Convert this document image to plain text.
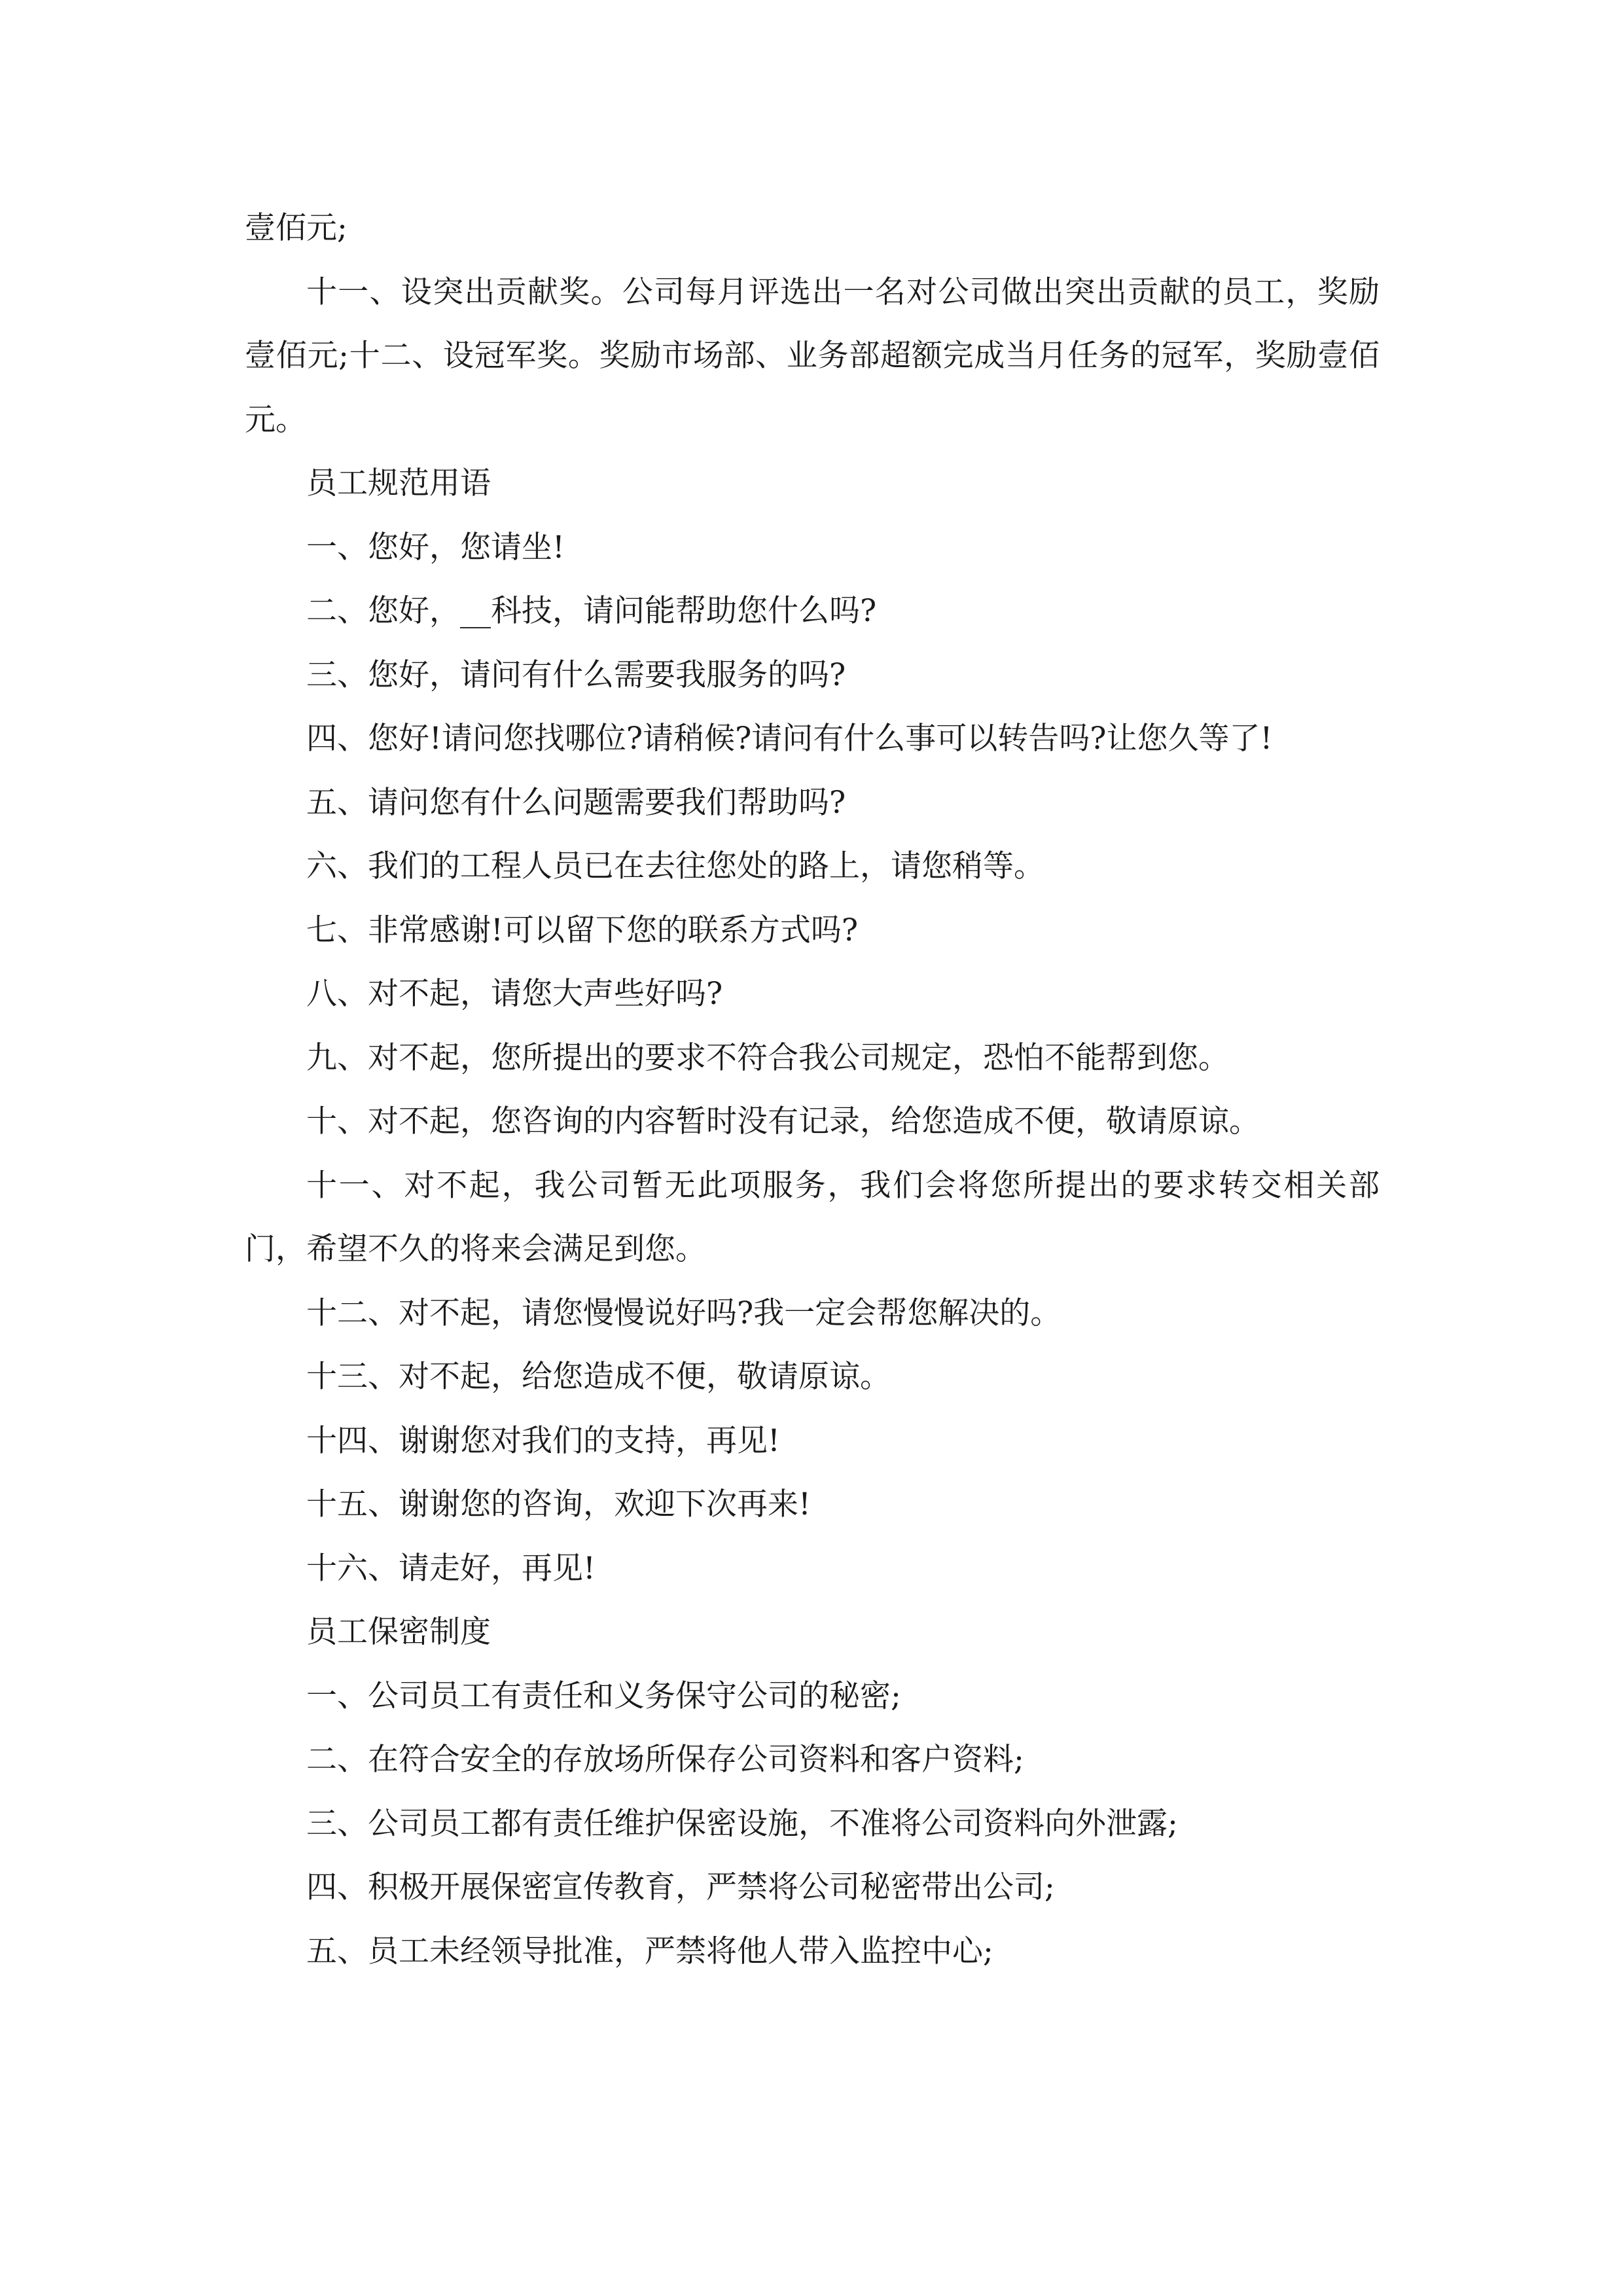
壹佰元;

十一、设突出贡献奖。公司每月评选出一名对公司做出突出贡献的员工，奖励壹佰元;十二、设冠军奖。奖励市场部、业务部超额完成当月任务的冠军，奖励壹佰元。

员工规范用语

一、您好，您请坐!

二、您好，__科技，请问能帮助您什么吗?

三、您好，请问有什么需要我服务的吗?

四、您好!请问您找哪位?请稍候?请问有什么事可以转告吗?让您久等了!

五、请问您有什么问题需要我们帮助吗?

六、我们的工程人员已在去往您处的路上，请您稍等。

七、非常感谢!可以留下您的联系方式吗?

八、对不起，请您大声些好吗?

九、对不起，您所提出的要求不符合我公司规定，恐怕不能帮到您。

十、对不起，您咨询的内容暂时没有记录，给您造成不便，敬请原谅。

十一、对不起，我公司暂无此项服务，我们会将您所提出的要求转交相关部门，希望不久的将来会满足到您。

十二、对不起，请您慢慢说好吗?我一定会帮您解决的。

十三、对不起，给您造成不便，敬请原谅。

十四、谢谢您对我们的支持，再见!

十五、谢谢您的咨询，欢迎下次再来!

十六、请走好，再见!

员工保密制度

一、公司员工有责任和义务保守公司的秘密;

二、在符合安全的存放场所保存公司资料和客户资料;

三、公司员工都有责任维护保密设施，不准将公司资料向外泄露;

四、积极开展保密宣传教育，严禁将公司秘密带出公司;

五、员工未经领导批准，严禁将他人带入监控中心;
